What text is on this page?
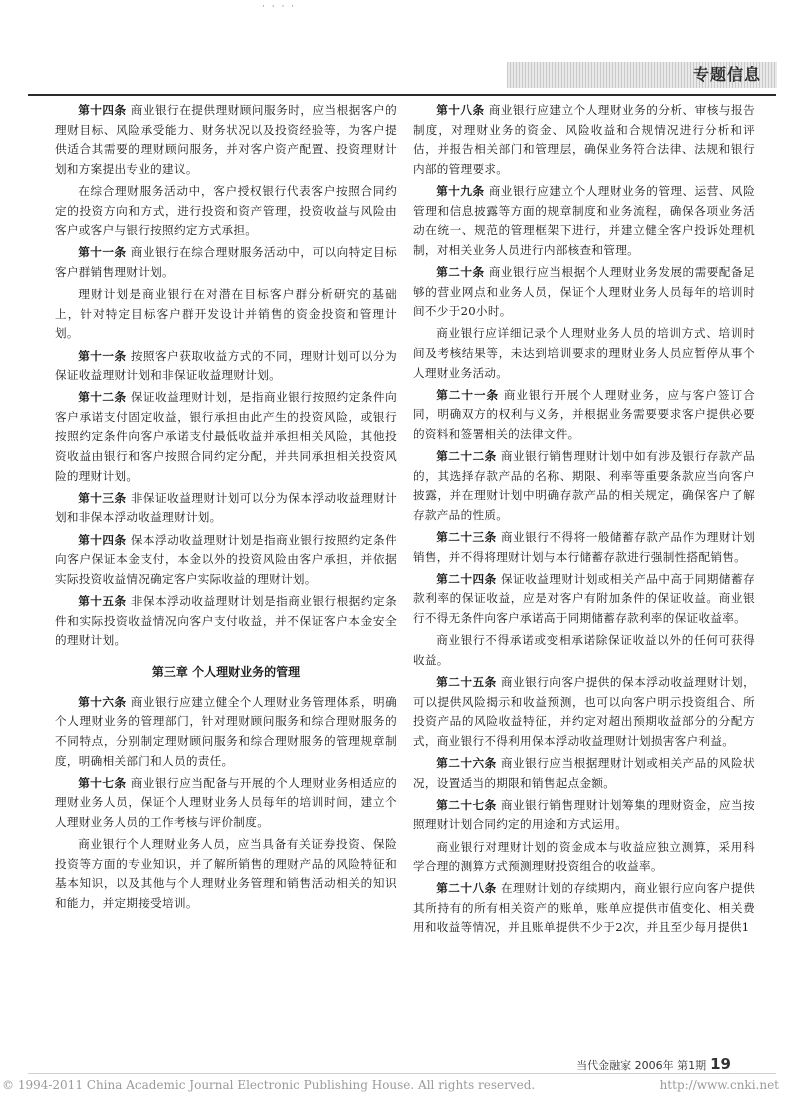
· · · ·
专题信息

第十四条 商业银行在提供理财顾问服务时，应当根据客户的理财目标、风险承受能力、财务状况以及投资经验等，为客户提供适合其需要的理财顾问服务，并对客户资产配置、投资理财计划和方案提出专业的建议。

在综合理财服务活动中，客户授权银行代表客户按照合同约定的投资方向和方式，进行投资和资产管理，投资收益与风险由客户或客户与银行按照约定方式承担。

第十一条 商业银行在综合理财服务活动中，可以向特定目标客户群销售理财计划。

理财计划是商业银行在对潜在目标客户群分析研究的基础上，针对特定目标客户群开发设计并销售的资金投资和管理计划。

第十一条 按照客户获取收益方式的不同，理财计划可以分为保证收益理财计划和非保证收益理财计划。

第十二条 保证收益理财计划，是指商业银行按照约定条件向客户承诺支付固定收益，银行承担由此产生的投资风险，或银行按照约定条件向客户承诺支付最低收益并承担相关风险，其他投资收益由银行和客户按照合同约定分配，并共同承担相关投资风险的理财计划。

第十三条 非保证收益理财计划可以分为保本浮动收益理财计划和非保本浮动收益理财计划。

第十四条 保本浮动收益理财计划是指商业银行按照约定条件向客户保证本金支付，本金以外的投资风险由客户承担，并依据实际投资收益情况确定客户实际收益的理财计划。

第十五条 非保本浮动收益理财计划是指商业银行根据约定条件和实际投资收益情况向客户支付收益，并不保证客户本金安全的理财计划。

第三章 个人理财业务的管理

第十六条 商业银行应建立健全个人理财业务管理体系，明确个人理财业务的管理部门，针对理财顾问服务和综合理财服务的不同特点，分别制定理财顾问服务和综合理财服务的管理规章制度，明确相关部门和人员的责任。

第十七条 商业银行应当配备与开展的个人理财业务相适应的理财业务人员，保证个人理财业务人员每年的培训时间，建立个人理财业务人员的工作考核与评价制度。

商业银行个人理财业务人员，应当具备有关证券投资、保险投资等方面的专业知识，并了解所销售的理财产品的风险特征和基本知识，以及其他与个人理财业务管理和销售活动相关的知识和能力，并定期接受培训。

第十八条 商业银行应建立个人理财业务的分析、审核与报告制度，对理财业务的资金、风险收益和合规情况进行分析和评估，并报告相关部门和管理层，确保业务符合法律、法规和银行内部的管理要求。

第十九条 商业银行应建立个人理财业务的管理、运营、风险管理和信息披露等方面的规章制度和业务流程，确保各项业务活动在统一、规范的管理框架下进行，并建立健全客户投诉处理机制，对相关业务人员进行内部核查和管理。

第二十条 商业银行应当根据个人理财业务发展的需要配备足够的营业网点和业务人员，保证个人理财业务人员每年的培训时间不少于20小时。

商业银行应详细记录个人理财业务人员的培训方式、培训时间及考核结果等，未达到培训要求的理财业务人员应暂停从事个人理财业务活动。

第二十一条 商业银行开展个人理财业务，应与客户签订合同，明确双方的权利与义务，并根据业务需要要求客户提供必要的资料和签署相关的法律文件。

第二十二条 商业银行销售理财计划中如有涉及银行存款产品的，其选择存款产品的名称、期限、利率等重要条款应当向客户披露，并在理财计划中明确存款产品的相关规定，确保客户了解存款产品的性质。

第二十三条 商业银行不得将一般储蓄存款产品作为理财计划销售，并不得将理财计划与本行储蓄存款进行强制性搭配销售。

第二十四条 保证收益理财计划或相关产品中高于同期储蓄存款利率的保证收益，应是对客户有附加条件的保证收益。商业银行不得无条件向客户承诺高于同期储蓄存款利率的保证收益率。

商业银行不得承诺或变相承诺除保证收益以外的任何可获得收益。

第二十五条 商业银行向客户提供的保本浮动收益理财计划，可以提供风险揭示和收益预测，也可以向客户明示投资组合、所投资产品的风险收益特征，并约定对超出预期收益部分的分配方式，商业银行不得利用保本浮动收益理财计划损害客户利益。

第二十六条 商业银行应当根据理财计划或相关产品的风险状况，设置适当的期限和销售起点金额。

第二十七条 商业银行销售理财计划筹集的理财资金，应当按照理财计划合同约定的用途和方式运用。

商业银行对理财计划的资金成本与收益应独立测算，采用科学合理的测算方式预测理财投资组合的收益率。

第二十八条 在理财计划的存续期内，商业银行应向客户提供其所持有的所有相关资产的账单，账单应提供市值变化、相关费用和收益等情况，并且账单提供不少于2次，并且至少每月提供1

当代金融家 2006年 第1期 19
© 1994-2011 China Academic Journal Electronic Publishing House. All rights reserved.	http://www.cnki.net
